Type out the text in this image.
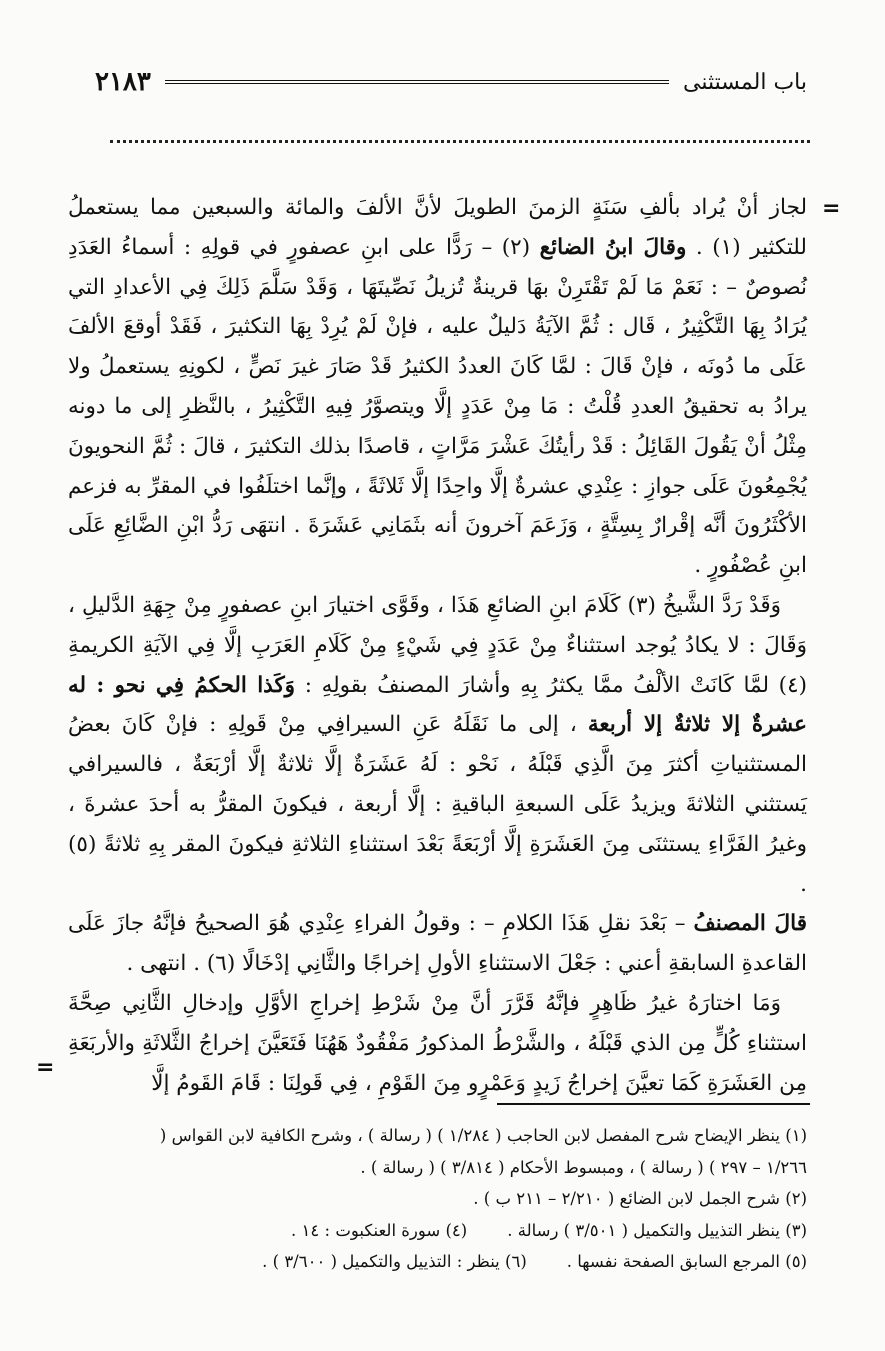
باب المستثنى
٢١٨٣
=

لجاز أنْ يُراد بألفِ سَنَةٍ الزمنَ الطويلَ لأنَّ الألفَ والمائة والسبعين مما يستعملُ للتكثير (١) . وقالَ ابنُ الضائع (٢) – رَدًّا على ابنِ عصفورٍ في قولِهِ : أسماءُ العَدَدِ نُصوصٌ – : نَعَمْ مَا لَمْ تَقْتَرِنْ بهَا قرينةٌ تُزيلُ نَصِّيتَهَا ، وَقَدْ سَلَّمَ ذَلِكَ فِي الأعدادِ التي يُرَادُ بِهَا التَّكْثِيرُ ، قَال : ثُمَّ الآيَةُ دَليلٌ عليه ، فإنْ لَمْ يُرِدْ بِهَا التكثيرَ ، فَقَدْ أوقعَ الألفَ عَلَى ما دُونَه ، فإنْ قَالَ : لمَّا كَانَ العددُ الكثيرُ قَدْ صَارَ غيرَ نَصٍّ ، لكونِهِ يستعملُ ولا يرادُ به تحقيقُ العددِ قُلْتُ : مَا مِنْ عَدَدٍ إلَّا ويتصوَّرُ فِيهِ التَّكْثِيرُ ، بالنَّظرِ إلى ما دونه مِثْلُ أنْ يَقُولَ القَائِلُ : قَدْ رأيتُكَ عَشْرَ مَرَّاتٍ ، قاصدًا بذلك التكثيرَ ، قالَ : ثُمَّ النحويونَ يُجْمِعُونَ عَلَى جوازِ : عِنْدِي عشرةٌ إلَّا واحِدًا إلَّا ثَلاثَةً ، وإنَّما اختلَفُوا في المقرِّ به فزعم الأكْثَرُونَ أنَّه إقْرارٌ بِسِتَّةٍ ، وَزَعَمَ آخرونَ أنه بثَمَانِي عَشَرَةَ . انتهَى رَدُّ ابْنِ الضَّائِعِ عَلَى ابنِ عُصْفُورٍ .

وَقَدْ رَدَّ الشَّيخُ (٣) كَلَامَ ابنِ الضائعِ هَذَا ، وقَوَّى اختيارَ ابنِ عصفورٍ مِنْ جِهَةِ الدَّليلِ ، وَقَالَ : لا يكادُ يُوجد استثناءٌ مِنْ عَدَدٍ فِي شَيْءٍ مِنْ كَلَامِ العَرَبِ إلَّا فِي الآيَةِ الكريمةِ (٤) لمَّا كَانَتْ الألْفُ ممَّا يكثرُ بِهِ وأشارَ المصنفُ بقولِهِ : وَكَذا الحكمُ فِي نحو : له عشرةٌ إلا ثلاثةٌ إلا أربعة ، إلى ما نَقَلَهُ عَنِ السيرافِي مِنْ قَولِهِ : فإنْ كَانَ بعضُ المستثنياتِ أكثرَ مِنَ الَّذِي قَبْلَهُ ، نَحْو : لَهُ عَشَرَةٌ إلَّا ثلاثةٌ إلَّا أرْبَعَةٌ ، فالسيرافي يَستثني الثلاثةَ ويزيدُ عَلَى السبعةِ الباقيةِ : إلَّا أربعة ، فيكونَ المقرُّ به أحدَ عشرةَ ، وغيرُ الفَرَّاءِ يستثنَى مِنَ العَشَرَةِ إلَّا أرْبَعَةً بَعْدَ استثناءِ الثلاثةِ فيكونَ المقر بِهِ ثلاثةً (٥) .

قالَ المصنفُ – بَعْدَ نقلِ هَذَا الكلامِ – : وقولُ الفراءِ عِنْدِي هُوَ الصحيحُ فإنَّهُ جازَ عَلَى القاعدةِ السابقةِ أعني : جَعْلَ الاستثناءِ الأولِ إخراجًا والثَّانِي إدْخَالًا (٦) . انتهى .

وَمَا اختارَهُ غيرُ ظَاهِرٍ فإنَّهُ قَرَّرَ أنَّ مِنْ شَرْطِ إخراجِ الأوَّلِ وإدخالِ الثَّانِي صِحَّةَ استثناءِ كُلٍّ مِن الذي قَبْلَهُ ، والشَّرْطُ المذكورُ مَفْقُودٌ هَهُنَا فَتَعَيَّنَ إخراجُ الثَّلاثَةِ والأربَعَةِ مِن العَشَرَةِ كَمَا تعيَّنَ إخراجُ زَيدٍ وَعَمْرٍو مِنَ القَوْمِ ، فِي قَولِنَا : قَامَ القَومُ إلَّا

=
(١) ينظر الإيضاح شرح المفصل لابن الحاجب ( ١/٢٨٤ ) ( رسالة ) ، وشرح الكافية لابن القواس ( ١/٢٦٦ – ٢٩٧ ) ( رسالة ) ، ومبسوط الأحكام ( ٣/٨١٤ ) ( رسالة ) .
(٢) شرح الجمل لابن الضائع ( ٢/٢١٠ – ٢١١ ب ) .
(٣) ينظر التذييل والتكميل ( ٣/٥٠١ ) رسالة .
(٤) سورة العنكبوت : ١٤ .
(٥) المرجع السابق الصفحة نفسها .
(٦) ينظر : التذييل والتكميل ( ٣/٦٠٠ ) .
